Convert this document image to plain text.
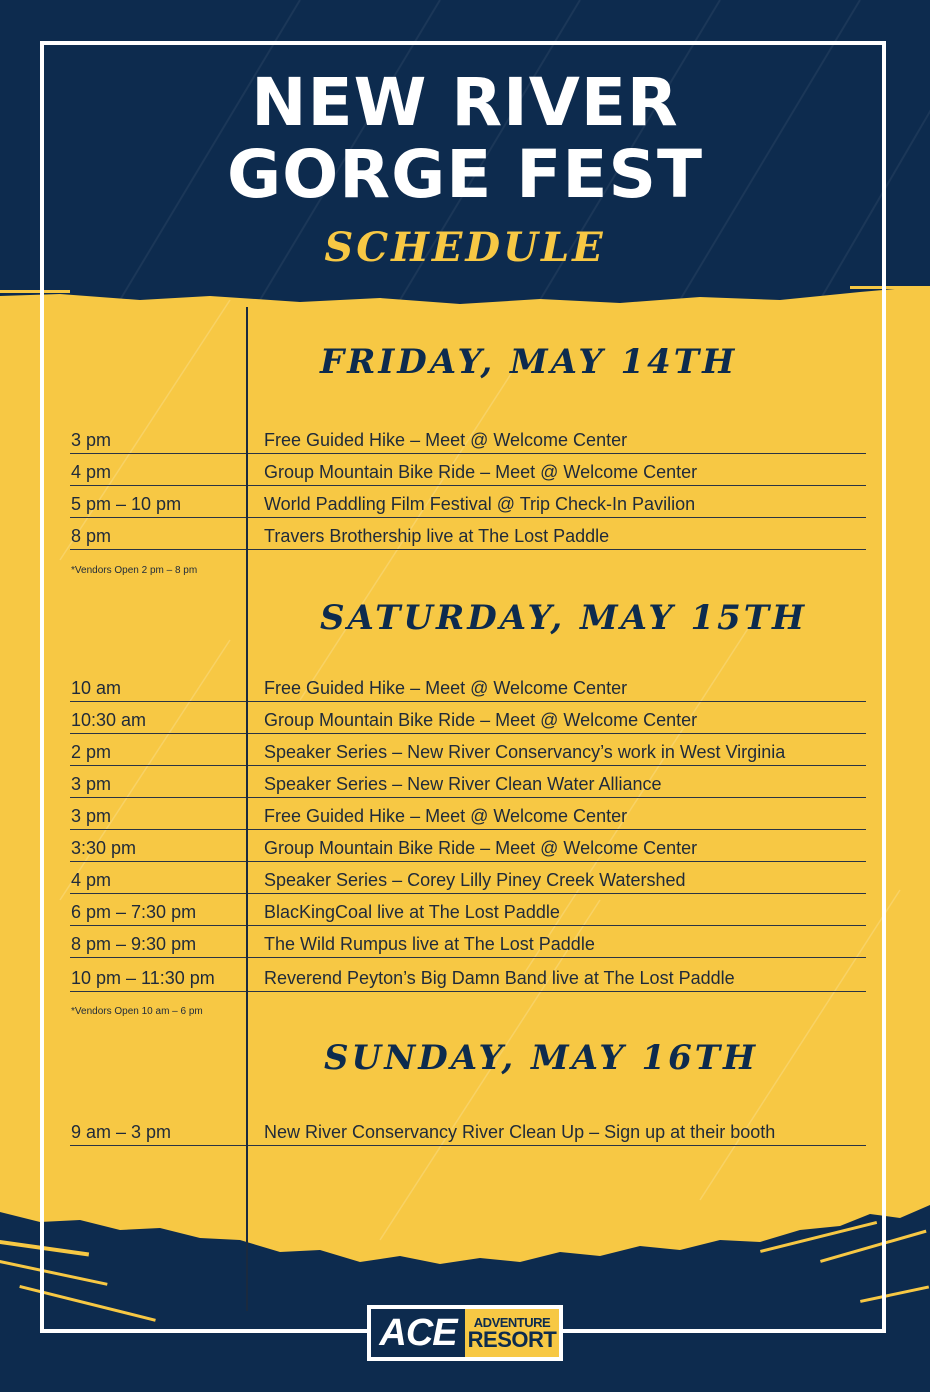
NEW RIVER
GORGE FEST
SCHEDULE
FRIDAY, MAY 14TH
3 pm	Free Guided Hike – Meet @ Welcome Center
4 pm	Group Mountain Bike Ride – Meet @ Welcome Center
5 pm – 10 pm	World Paddling Film Festival @ Trip Check-In Pavilion
8 pm	Travers Brothership live at The Lost Paddle
*Vendors Open 2 pm – 8 pm
SATURDAY, MAY 15TH
10 am	Free Guided Hike – Meet @ Welcome Center
10:30 am	Group Mountain Bike Ride – Meet @ Welcome Center
2 pm	Speaker Series – New River Conservancy’s work in West Virginia
3 pm	Speaker Series – New River Clean Water Alliance
3 pm	Free Guided Hike – Meet @ Welcome Center
3:30 pm	Group Mountain Bike Ride – Meet @ Welcome Center
4 pm	Speaker Series – Corey Lilly Piney Creek Watershed
6 pm – 7:30 pm	BlacKingCoal live at The Lost Paddle
8 pm – 9:30 pm	The Wild Rumpus live at The Lost Paddle
10 pm – 11:30 pm	Reverend Peyton’s Big Damn Band live at The Lost Paddle
*Vendors Open 10 am – 6 pm
SUNDAY, MAY 16TH
9 am – 3 pm	New River Conservancy River Clean Up – Sign up at their booth
ACE	ADVENTURE
RESORT
